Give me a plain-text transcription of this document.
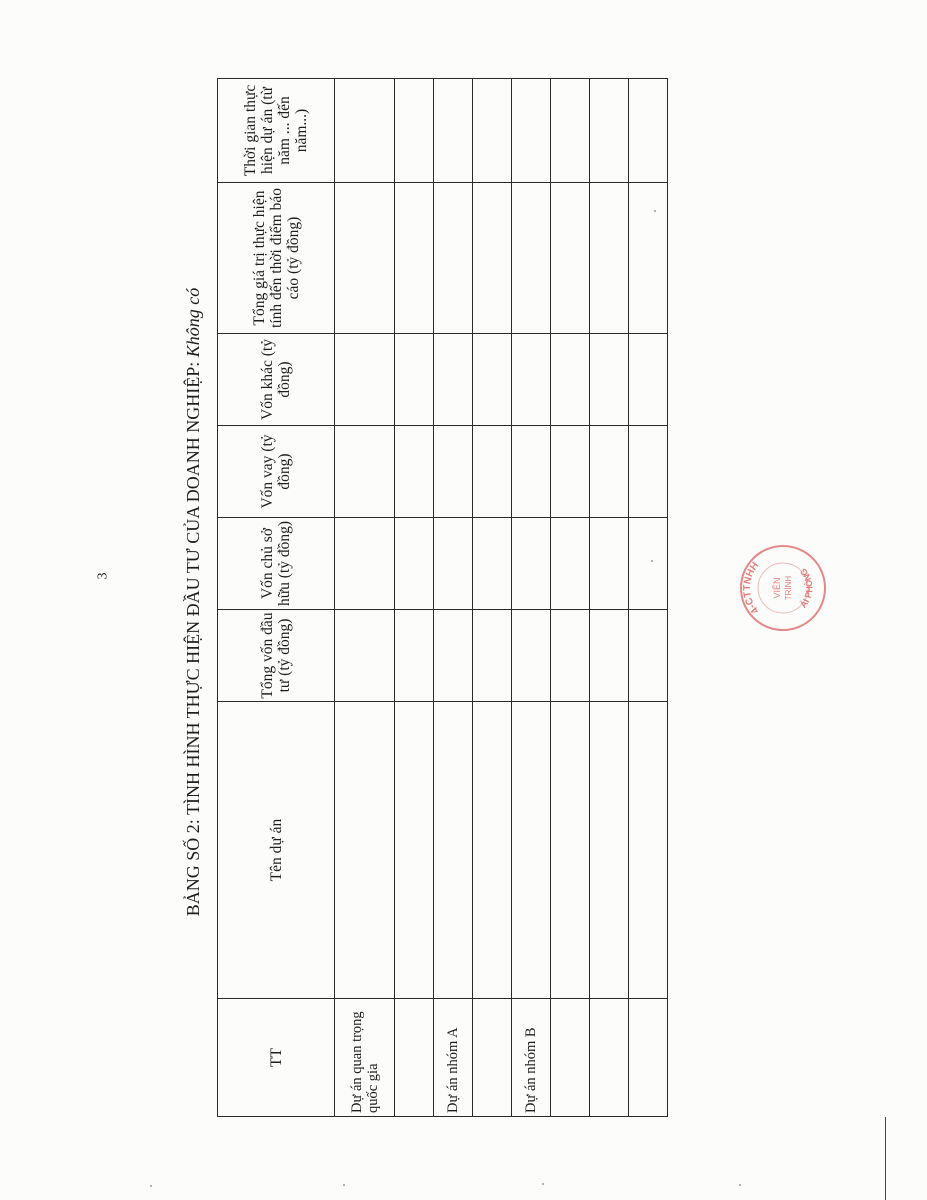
3	BẢNG SỐ 2: TÌNH HÌNH THỰC HIỆN ĐẦU TƯ CỦA DOANH NGHIỆP: Không có
TT	Tên dự án	Tổng vốn đầu tư (tỷ đồng)	Vốn chủ sở hữu (tỷ đồng)	Vốn vay (tỷ đồng)	Vốn khác (tỷ đồng)	Tổng giá trị thực hiện tính đến thời điểm báo cáo (tỷ đồng)	Thời gian thực hiện dự án (từ năm ... đến năm...)
Dự án quan trọng quốc gia							

Dự án nhóm A							

Dự án nhóm B							

4-CTTNHH
VIÊN TRÌNH
ẢI PHÒNG
